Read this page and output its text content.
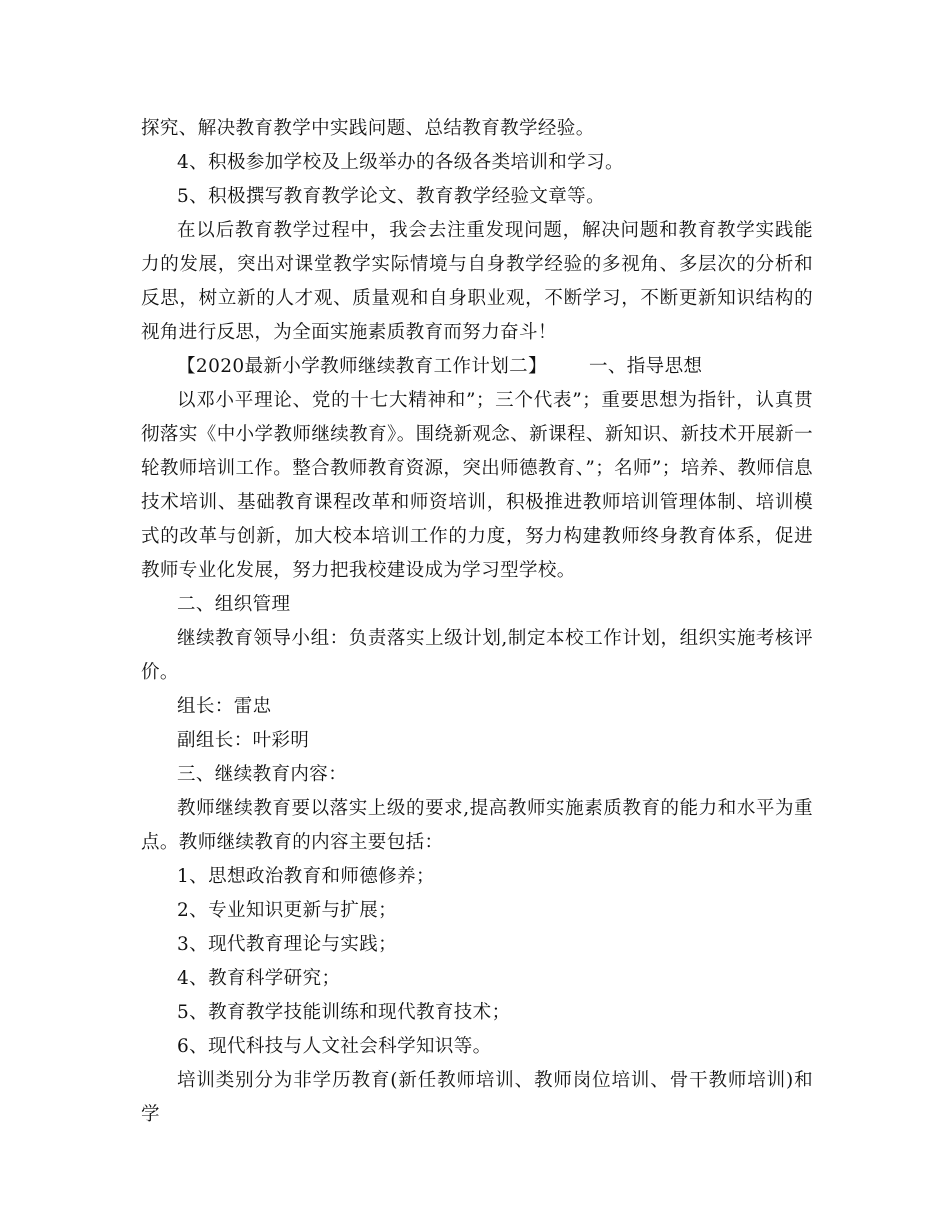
探究、解决教育教学中实践问题、总结教育教学经验。

4、积极参加学校及上级举办的各级各类培训和学习。

5、积极撰写教育教学论文、教育教学经验文章等。

在以后教育教学过程中，我会去注重发现问题，解决问题和教育教学实践能力的发展，突出对课堂教学实际情境与自身教学经验的多视角、多层次的分析和反思，树立新的人才观、质量观和自身职业观，不断学习，不断更新知识结构的视角进行反思，为全面实施素质教育而努力奋斗！

【2020最新小学教师继续教育工作计划二】 一、指导思想

以邓小平理论、党的十七大精神和”；三个代表”；重要思想为指针，认真贯彻落实《中小学教师继续教育》。围绕新观念、新课程、新知识、新技术开展新一轮教师培训工作。整合教师教育资源，突出师德教育、”；名师”；培养、教师信息技术培训、基础教育课程改革和师资培训，积极推进教师培训管理体制、培训模式的改革与创新，加大校本培训工作的力度，努力构建教师终身教育体系，促进教师专业化发展，努力把我校建设成为学习型学校。

二、组织管理

继续教育领导小组：负责落实上级计划,制定本校工作计划，组织实施考核评价。

组长：雷忠

副组长：叶彩明

三、继续教育内容：

教师继续教育要以落实上级的要求,提高教师实施素质教育的能力和水平为重点。教师继续教育的内容主要包括：

1、思想政治教育和师德修养；

2、专业知识更新与扩展；

3、现代教育理论与实践；

4、教育科学研究；

5、教育教学技能训练和现代教育技术；

6、现代科技与人文社会科学知识等。

培训类别分为非学历教育(新任教师培训、教师岗位培训、骨干教师培训)和学
